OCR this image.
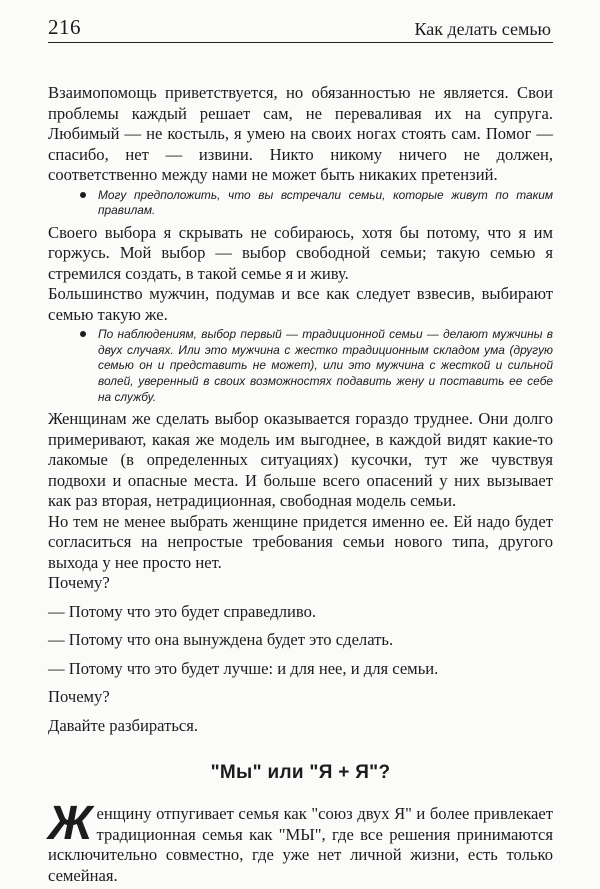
216	Как делать семью

Взаимопомощь приветствуется, но обязанностью не является. Свои проблемы каждый решает сам, не переваливая их на супруга. Любимый — не костыль, я умею на своих ногах стоять сам. Помог — спасибо, нет — извини. Никто никому ничего не должен, соответственно между нами не может быть никаких претензий.

Могу предположить, что вы встречали семьи, которые живут по таким правилам.

Своего выбора я скрывать не собираюсь, хотя бы потому, что я им горжусь. Мой выбор — выбор свободной семьи; такую семью я стремился создать, в такой семье я и живу.

Большинство мужчин, подумав и все как следует взвесив, выбирают семью такую же.

По наблюдениям, выбор первый — традиционной семьи — делают мужчины в двух случаях. Или это мужчина с жестко традиционным складом ума (другую семью он и представить не может), или это мужчина с жесткой и сильной волей, уверенный в своих возможностях подавить жену и поставить ее себе на службу.

Женщинам же сделать выбор оказывается гораздо труднее. Они долго примеривают, какая же модель им выгоднее, в каждой видят какие-то лакомые (в определенных ситуациях) кусочки, тут же чувствуя подвохи и опасные места. И больше всего опасений у них вызывает как раз вторая, нетрадиционная, свободная модель семьи.

Но тем не менее выбрать женщине придется именно ее. Ей надо будет согласиться на непростые требования семьи нового типа, другого выхода у нее просто нет.

Почему?

— Потому что это будет справедливо.

— Потому что она вынуждена будет это сделать.

— Потому что это будет лучше: и для нее, и для семьи.

Почему?

Давайте разбираться.

"Мы" или "Я + Я"?

Женщину отпугивает семья как "союз двух Я" и более привлекает традиционная семья как "МЫ", где все решения принимаются исключительно совместно, где уже нет личной жизни, есть только семейная.
